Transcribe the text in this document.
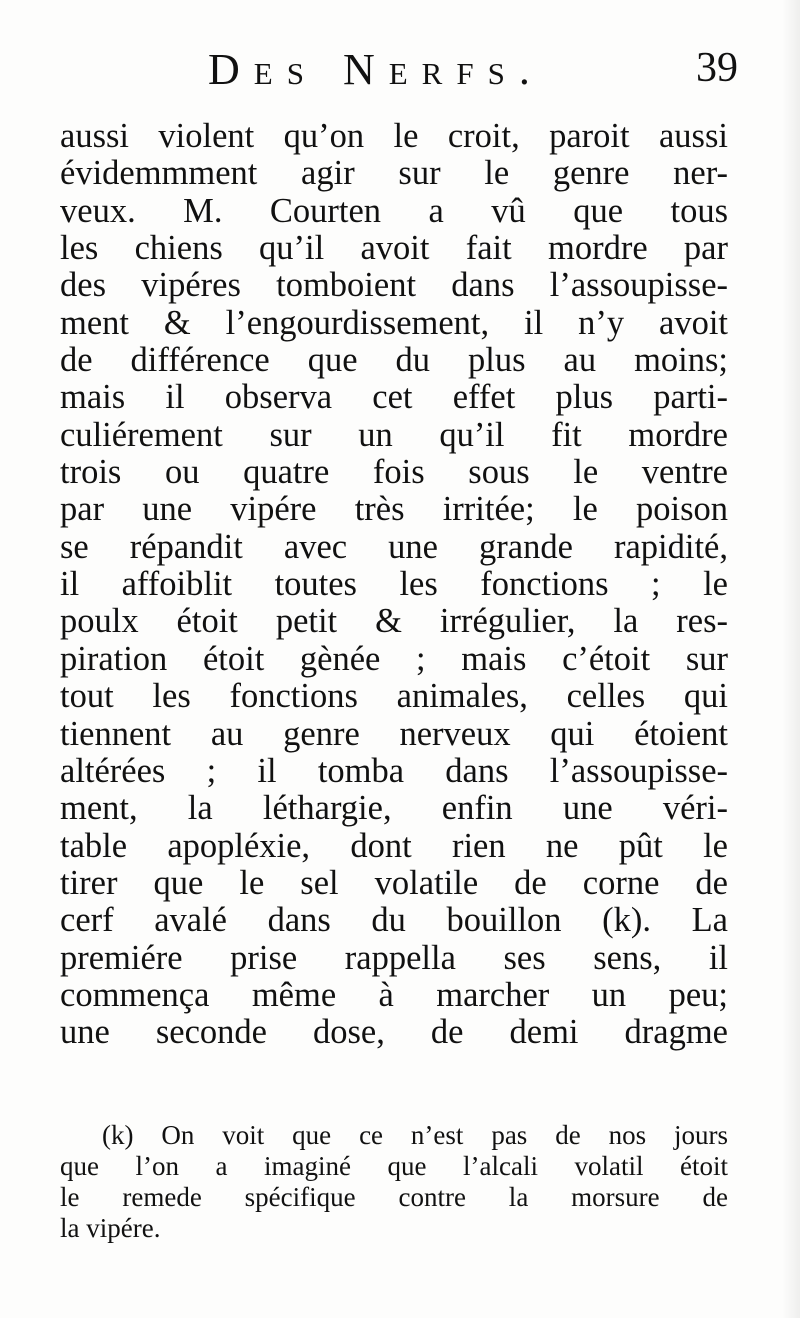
Des Nerfs.	39
aussi violent qu’on le croit, paroit aussi
évidemmment agir sur le genre ner-
veux. M. Courten a vû que tous
les chiens qu’il avoit fait mordre par
des vipéres tomboient dans l’assoupisse-
ment & l’engourdissement, il n’y avoit
de différence que du plus au moins;
mais il observa cet effet plus parti-
culiérement sur un qu’il fit mordre
trois ou quatre fois sous le ventre
par une vipére très irritée; le poison
se répandit avec une grande rapidité,
il affoiblit toutes les fonctions ; le
poulx étoit petit & irrégulier, la res-
piration étoit gènée ; mais c’étoit sur
tout les fonctions animales, celles qui
tiennent au genre nerveux qui étoient
altérées ; il tomba dans l’assoupisse-
ment, la léthargie, enfin une véri-
table apopléxie, dont rien ne pût le
tirer que le sel volatile de corne de
cerf avalé dans du bouillon (k). La
premiére prise rappella ses sens, il
commença même à marcher un peu;
une seconde dose, de demi dragme
(k) On voit que ce n’est pas de nos jours
que l’on a imaginé que l’alcali volatil étoit
le remede spécifique contre la morsure de
la vipére.
